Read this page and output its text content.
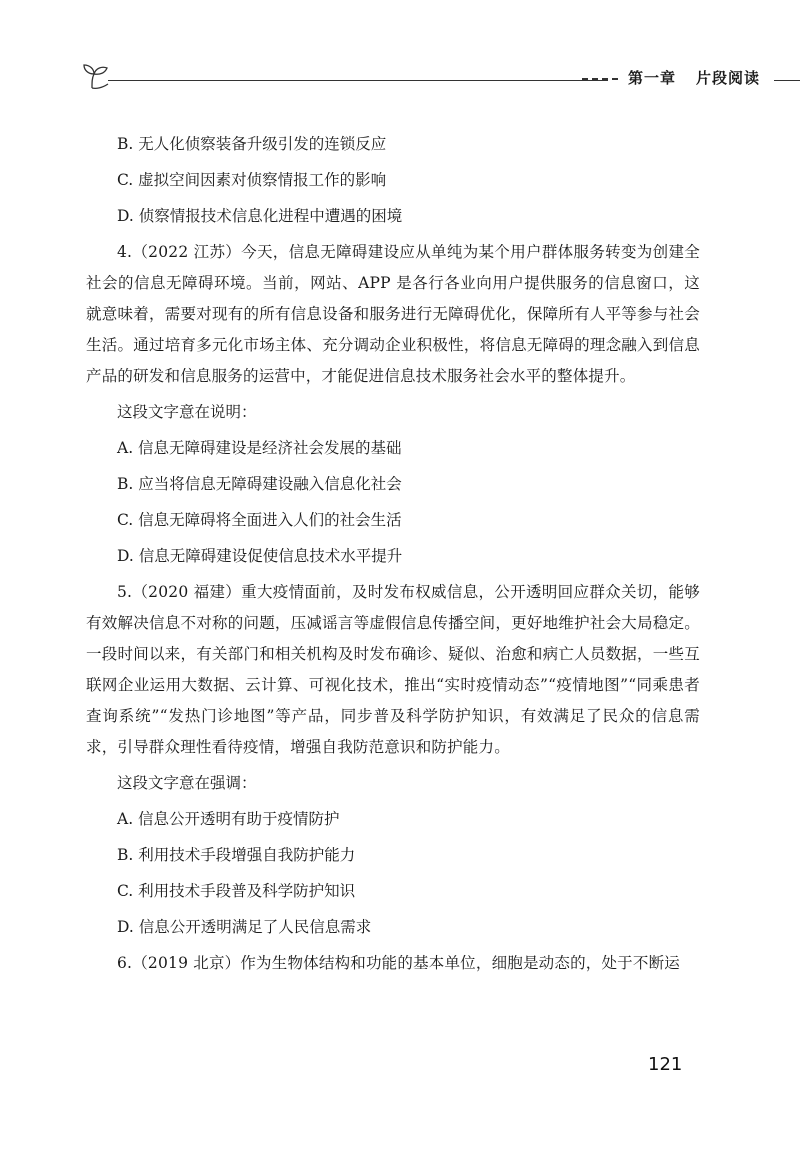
第一章 片段阅读

B. 无人化侦察装备升级引发的连锁反应

C. 虚拟空间因素对侦察情报工作的影响

D. 侦察情报技术信息化进程中遭遇的困境

4.（2022 江苏）今天，信息无障碍建设应从单纯为某个用户群体服务转变为创建全社会的信息无障碍环境。当前，网站、APP 是各行各业向用户提供服务的信息窗口，这就意味着，需要对现有的所有信息设备和服务进行无障碍优化，保障所有人平等参与社会生活。通过培育多元化市场主体、充分调动企业积极性，将信息无障碍的理念融入到信息产品的研发和信息服务的运营中，才能促进信息技术服务社会水平的整体提升。

这段文字意在说明：

A. 信息无障碍建设是经济社会发展的基础

B. 应当将信息无障碍建设融入信息化社会

C. 信息无障碍将全面进入人们的社会生活

D. 信息无障碍建设促使信息技术水平提升

5.（2020 福建）重大疫情面前，及时发布权威信息，公开透明回应群众关切，能够有效解决信息不对称的问题，压减谣言等虚假信息传播空间，更好地维护社会大局稳定。一段时间以来，有关部门和相关机构及时发布确诊、疑似、治愈和病亡人员数据，一些互联网企业运用大数据、云计算、可视化技术，推出“实时疫情动态”“疫情地图”“同乘患者查询系统”“发热门诊地图”等产品，同步普及科学防护知识，有效满足了民众的信息需求，引导群众理性看待疫情，增强自我防范意识和防护能力。

这段文字意在强调：

A. 信息公开透明有助于疫情防护

B. 利用技术手段增强自我防护能力

C. 利用技术手段普及科学防护知识

D. 信息公开透明满足了人民信息需求

6.（2019 北京）作为生物体结构和功能的基本单位，细胞是动态的，处于不断运

121
